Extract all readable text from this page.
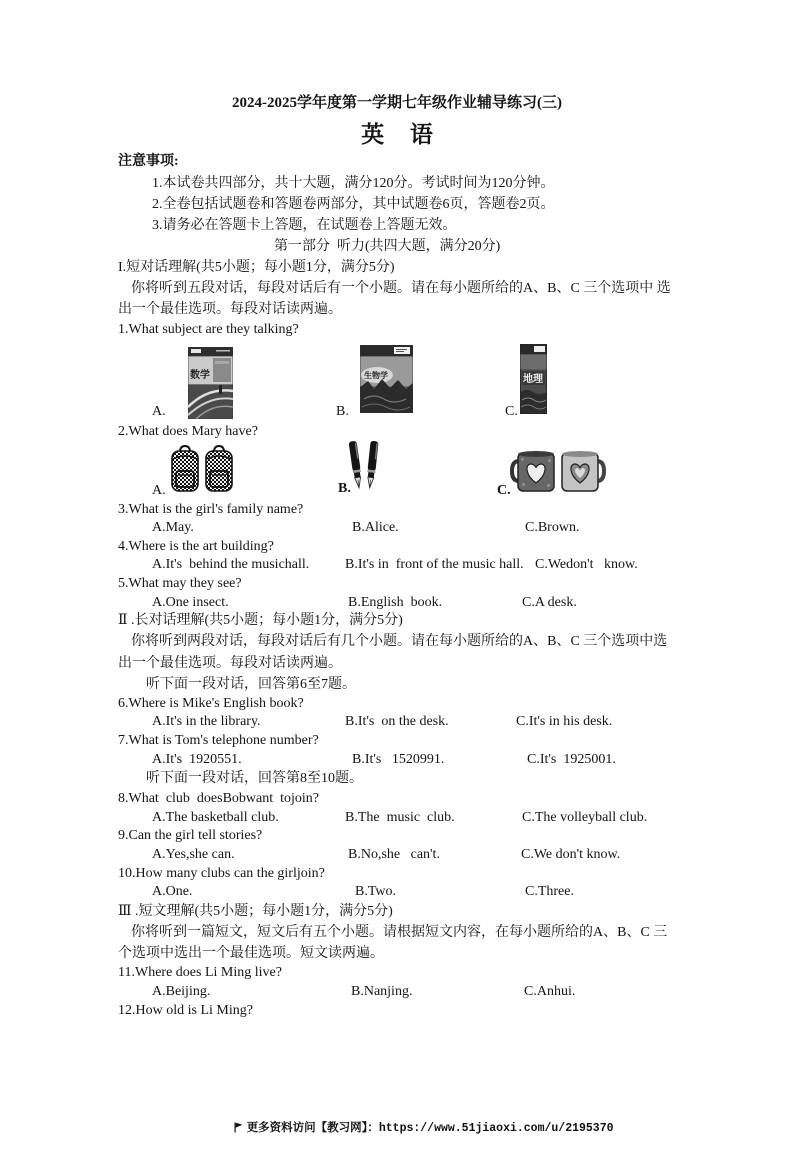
2024-2025学年度第一学期七年级作业辅导练习(三)
英 语
注意事项:
1.本试卷共四部分，共十大题，满分120分。考试时间为120分钟。
2.全卷包括试题卷和答题卷两部分，其中试题卷6页，答题卷2页。
3.请务必在答题卡上答题，在试题卷上答题无效。
第一部分  听力(共四大题，满分20分)
I.短对话理解(共5小题；每小题1分，满分5分)
你将听到五段对话，每段对话后有一个小题。请在每小题所给的A、B、C 三个选项中 选
出一个最佳选项。每段对话读两遍。
1.What subject are they talking?
A.
数学
B.
生物学
C.
地理
2.What does Mary have?
A.	B.	C.
3.What is the girl's family name?
A.May.	B.Alice.	C.Brown.
4.Where is the art building?
A.It's  behind the musichall.	B.It's in  front of the music hall. C.Wedon't   know.
5.What may they see?
A.One insect.	B.English  book.	C.A desk.
Ⅱ .长对话理解(共5小题；每小题1分，满分5分)
你将听到两段对话，每段对话后有几个小题。请在每小题所给的A、B、C 三个选项中选
出一个最佳选项。每段对话读两遍。
听下面一段对话，回答第6至7题。
6.Where is Mike's English book?
A.It's in the library.	B.It's  on the desk.	C.It's in his desk.
7.What is Tom's telephone number?
A.It's  1920551.	B.It's   1520991.	C.It's  1925001.
听下面一段对话，回答第8至10题。
8.What  club  doesBobwant  tojoin?
A.The basketball club.	B.The  music  club.	C.The volleyball club.
9.Can the girl tell stories?
A.Yes,she can.	B.No,she   can't.	C.We don't know.
10.How many clubs can the girljoin?
A.One.	B.Two.	C.Three.
Ⅲ .短文理解(共5小题；每小题1分，满分5分)
你将听到一篇短文，短文后有五个小题。请根据短文内容，在每小题所给的A、B、C 三
个选项中选出一个最佳选项。短文读两遍。
11.Where does Li Ming live?
A.Beijing.	B.Nanjing.	C.Anhui.
12.How old is Li Ming?

更多资料访问【教习网】：https://www.51jiaoxi.com/u/2195370
